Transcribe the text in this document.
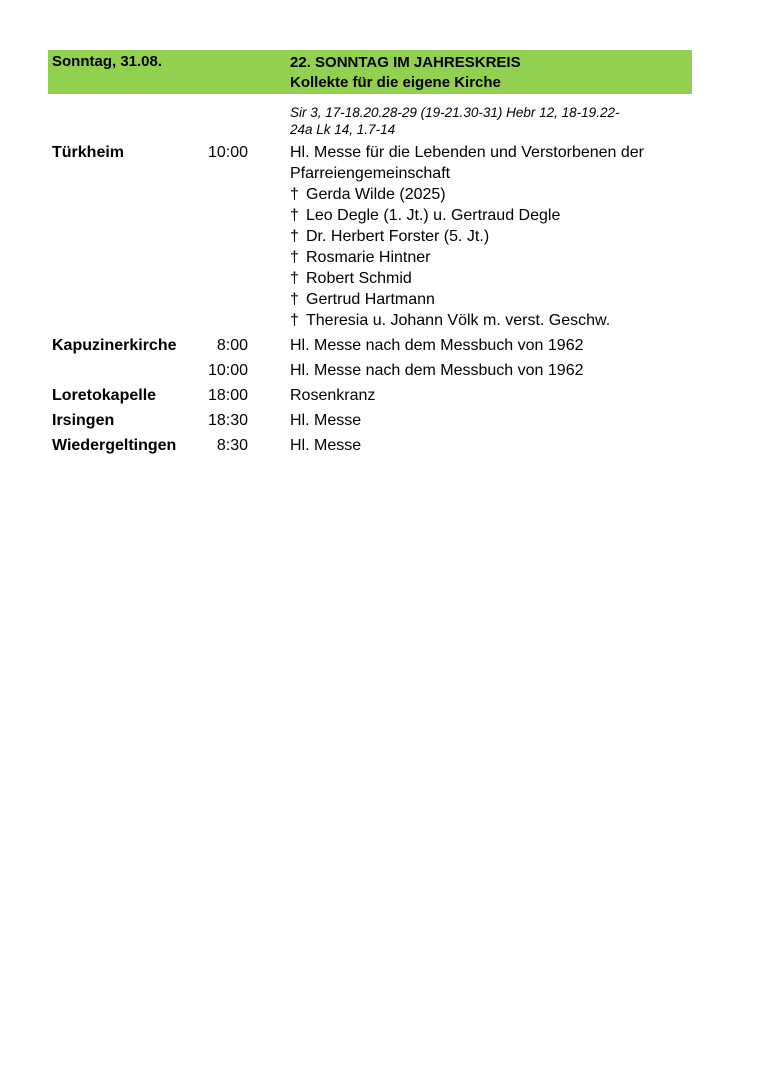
Sonntag, 31.08.	22. SONNTAG IM JAHRESKREIS
Kollekte für die eigene Kirche
Sir 3, 17-18.20.28-29 (19-21.30-31) Hebr 12, 18-19.22-
24a Lk 14, 1.7-14
Türkheim	10:00	Hl. Messe für die Lebenden und Verstorbenen der
Pfarreiengemeinschaft
† Gerda Wilde (2025)
† Leo Degle (1. Jt.) u. Gertraud Degle
† Dr. Herbert Forster (5. Jt.)
† Rosmarie Hintner
† Robert Schmid
† Gertrud Hartmann
† Theresia u. Johann Völk m. verst. Geschw.
Kapuzinerkirche	8:00	Hl. Messe nach dem Messbuch von 1962
10:00	Hl. Messe nach dem Messbuch von 1962
Loretokapelle	18:00	Rosenkranz
Irsingen	18:30	Hl. Messe
Wiedergeltingen	8:30	Hl. Messe
